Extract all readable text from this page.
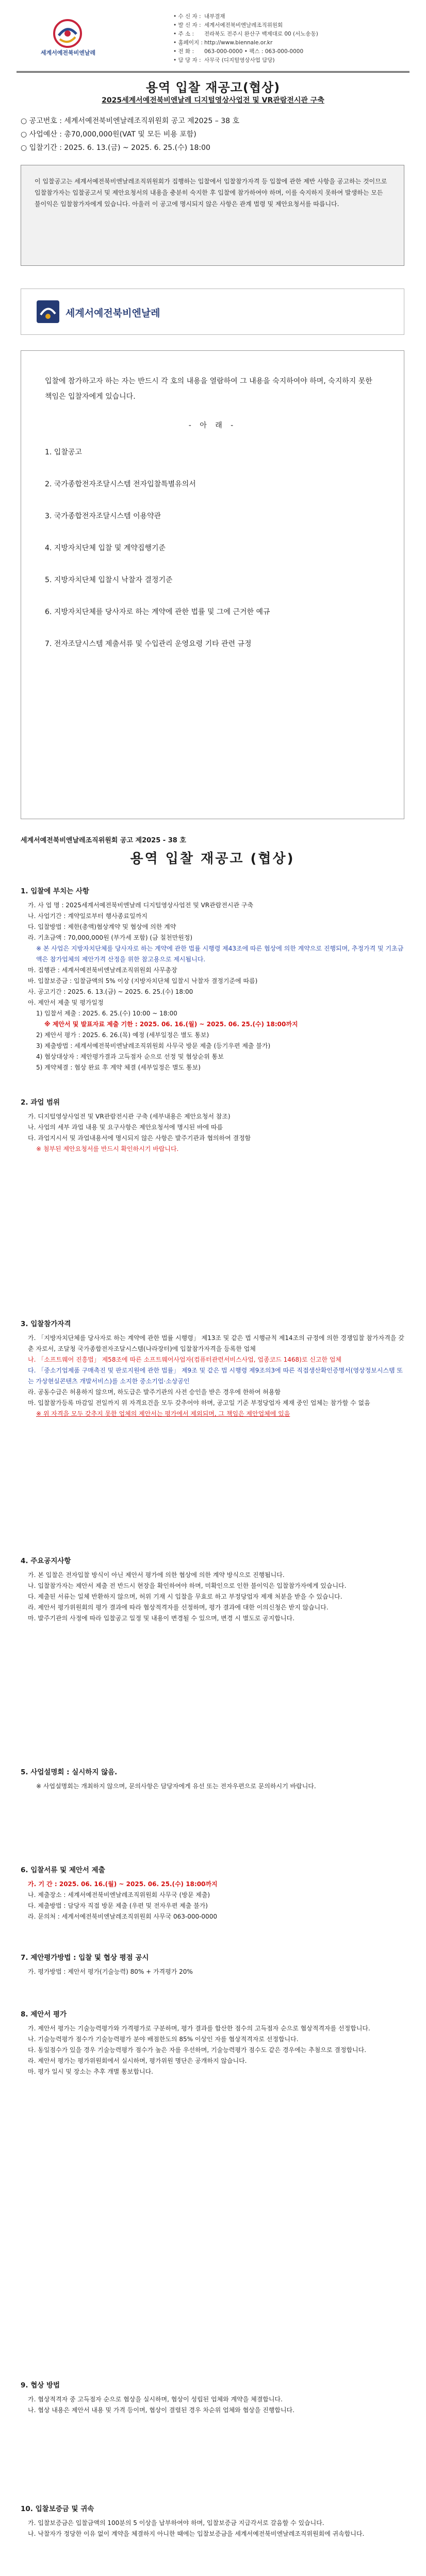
세계서예전북비엔날레
• 수 신 자 : 내부결재
• 발 신 자 : 세계서예전북비엔날레조직위원회
• 주 소 : 전라북도 전주시 완산구 백제대로 00 (서노송동)
• 홈페이지 : http://www.biennale.or.kr
• 전 화 : 063-000-0000 • 팩스 : 063-000-0000
• 담 당 자 : 사무국 (디지털영상사업 담당)
용역 입찰 재공고(협상)
2025세계서예전북비엔날레 디지털영상사업전 및 VR관람전시관 구축
○ 공고번호 : 세계서예전북비엔날레조직위원회 공고 제2025 – 38 호
○ 사업예산 : 총70,000,000원(VAT 및 모든 비용 포함)
○ 입찰기간 : 2025. 6. 13.(금) ~ 2025. 6. 25.(수) 18:00
이 입찰공고는 세계서예전북비엔날레조직위원회가 집행하는 입찰에서 입찰참가자격 등 입찰에 관한 제반 사항을 공고하는 것이므로 입찰참가자는 입찰공고서 및 제안요청서의 내용을 충분히 숙지한 후 입찰에 참가하여야 하며, 이를 숙지하지 못하여 발생하는 모든 불이익은 입찰참가자에게 있습니다. 아울러 이 공고에 명시되지 않은 사항은 관계 법령 및 제안요청서를 따릅니다.
세계서예전북비엔날레
입찰에 참가하고자 하는 자는 반드시 각 호의 내용을 열람하여 그 내용을 숙지하여야 하며, 숙지하지 못한 책임은 입찰자에게 있습니다.
- 아 래 -
1. 입찰공고
2. 국가종합전자조달시스템 전자입찰특별유의서
3. 국가종합전자조달시스템 이용약관
4. 지방자치단체 입찰 및 계약집행기준
5. 지방자치단체 입찰시 낙찰자 결정기준
6. 지방자치단체를 당사자로 하는 계약에 관한 법률 및 그에 근거한 예규
7. 전자조달시스템 제출서류 및 수입관리 운영요령 기타 관련 규정
세계서예전북비엔날레조직위원회 공고 제2025 - 38 호
용역 입찰 재공고 (협상)
1. 입찰에 부치는 사항

가. 사 업 명 : 2025세계서예전북비엔날레 디지털영상사업전 및 VR관람전시관 구축

나. 사업기간 : 계약일로부터 행사종료일까지

다. 입찰방법 : 제한(총액)협상계약 및 협상에 의한 계약

라. 기초금액 : 70,000,000원 (부가세 포함) (금 칠천만원정)

※ 본 사업은 지방자치단체를 당사자로 하는 계약에 관한 법률 시행령 제43조에 따른 협상에 의한 계약으로 진행되며, 추정가격 및 기초금액은 참가업체의 제안가격 산정을 위한 참고용으로 제시됩니다.

마. 집행관 : 세계서예전북비엔날레조직위원회 사무총장

바. 입찰보증금 : 입찰금액의 5% 이상 (지방자치단체 입찰시 낙찰자 결정기준에 따름)

사. 공고기간 : 2025. 6. 13.(금) ~ 2025. 6. 25.(수) 18:00

아. 제안서 제출 및 평가일정

1) 입찰서 제출 : 2025. 6. 25.(수) 10:00 ~ 18:00

※ 제안서 및 발표자료 제출 기한 : 2025. 06. 16.(월) ~ 2025. 06. 25.(수) 18:00까지

2) 제안서 평가 : 2025. 6. 26.(목) 예정 (세부일정은 별도 통보)

3) 제출방법 : 세계서예전북비엔날레조직위원회 사무국 방문 제출 (등기우편 제출 불가)

4) 협상대상자 : 제안평가결과 고득점자 순으로 선정 및 협상순위 통보

5) 계약체결 : 협상 완료 후 계약 체결 (세부일정은 별도 통보)

2. 과업 범위

가. 디지털영상사업전 및 VR관람전시관 구축 (세부내용은 제안요청서 참조)

나. 사업의 세부 과업 내용 및 요구사항은 제안요청서에 명시된 바에 따름

다. 과업지시서 및 과업내용서에 명시되지 않은 사항은 발주기관과 협의하여 결정함

※ 첨부된 제안요청서를 반드시 확인하시기 바랍니다.

3. 입찰참가자격

가. 「지방자치단체를 당사자로 하는 계약에 관한 법률 시행령」 제13조 및 같은 법 시행규칙 제14조의 규정에 의한 경쟁입찰 참가자격을 갖춘 자로서, 조달청 국가종합전자조달시스템(나라장터)에 입찰참가자격을 등록한 업체

나. 「소프트웨어 진흥법」 제58조에 따른 소프트웨어사업자(컴퓨터관련서비스사업, 업종코드 1468)로 신고한 업체

다. 「중소기업제품 구매촉진 및 판로지원에 관한 법률」 제9조 및 같은 법 시행령 제9조의3에 따른 직접생산확인증명서(영상정보시스템 또는 가상현실콘텐츠 개발서비스)를 소지한 중소기업·소상공인

라. 공동수급은 허용하지 않으며, 하도급은 발주기관의 사전 승인을 받은 경우에 한하여 허용함

마. 입찰참가등록 마감일 전일까지 위 자격요건을 모두 갖추어야 하며, 공고일 기준 부정당업자 제재 중인 업체는 참가할 수 없음

※ 위 자격을 모두 갖추지 못한 업체의 제안서는 평가에서 제외되며, 그 책임은 제안업체에 있음

4. 주요공지사항

가. 본 입찰은 전자입찰 방식이 아닌 제안서 평가에 의한 협상에 의한 계약 방식으로 진행됩니다.

나. 입찰참가자는 제안서 제출 전 반드시 현장을 확인하여야 하며, 미확인으로 인한 불이익은 입찰참가자에게 있습니다.

다. 제출된 서류는 일체 반환하지 않으며, 허위 기재 시 입찰을 무효로 하고 부정당업자 제재 처분을 받을 수 있습니다.

라. 제안서 평가위원회의 평가 결과에 따라 협상적격자를 선정하며, 평가 결과에 대한 이의신청은 받지 않습니다.

마. 발주기관의 사정에 따라 입찰공고 일정 및 내용이 변경될 수 있으며, 변경 시 별도로 공지합니다.

5. 사업설명회 : 실시하지 않음.

※ 사업설명회는 개최하지 않으며, 문의사항은 담당자에게 유선 또는 전자우편으로 문의하시기 바랍니다.

6. 입찰서류 및 제안서 제출

가. 기 간 : 2025. 06. 16.(월) ~ 2025. 06. 25.(수) 18:00까지

나. 제출장소 : 세계서예전북비엔날레조직위원회 사무국 (방문 제출)

다. 제출방법 : 담당자 직접 방문 제출 (우편 및 전자우편 제출 불가)

라. 문의처 : 세계서예전북비엔날레조직위원회 사무국 063-000-0000

7. 제안평가방법 : 입찰 및 협상 평점 공시

가. 평가방법 : 제안서 평가(기술능력) 80% + 가격평가 20%

8. 제안서 평가

가. 제안서 평가는 기술능력평가와 가격평가로 구분하며, 평가 결과를 합산한 점수의 고득점자 순으로 협상적격자를 선정합니다.

나. 기술능력평가 점수가 기술능력평가 분야 배점한도의 85% 이상인 자를 협상적격자로 선정합니다.

다. 동일점수가 있을 경우 기술능력평가 점수가 높은 자를 우선하며, 기술능력평가 점수도 같은 경우에는 추첨으로 결정합니다.

라. 제안서 평가는 평가위원회에서 실시하며, 평가위원 명단은 공개하지 않습니다.

마. 평가 일시 및 장소는 추후 개별 통보합니다.

9. 협상 방법

가. 협상적격자 중 고득점자 순으로 협상을 실시하며, 협상이 성립된 업체와 계약을 체결합니다.

나. 협상 내용은 제안서 내용 및 가격 등이며, 협상이 결렬된 경우 차순위 업체와 협상을 진행합니다.

10. 입찰보증금 및 귀속

가. 입찰보증금은 입찰금액의 100분의 5 이상을 납부하여야 하며, 입찰보증금 지급각서로 갈음할 수 있습니다.

나. 낙찰자가 정당한 이유 없이 계약을 체결하지 아니한 때에는 입찰보증금을 세계서예전북비엔날레조직위원회에 귀속합니다.
